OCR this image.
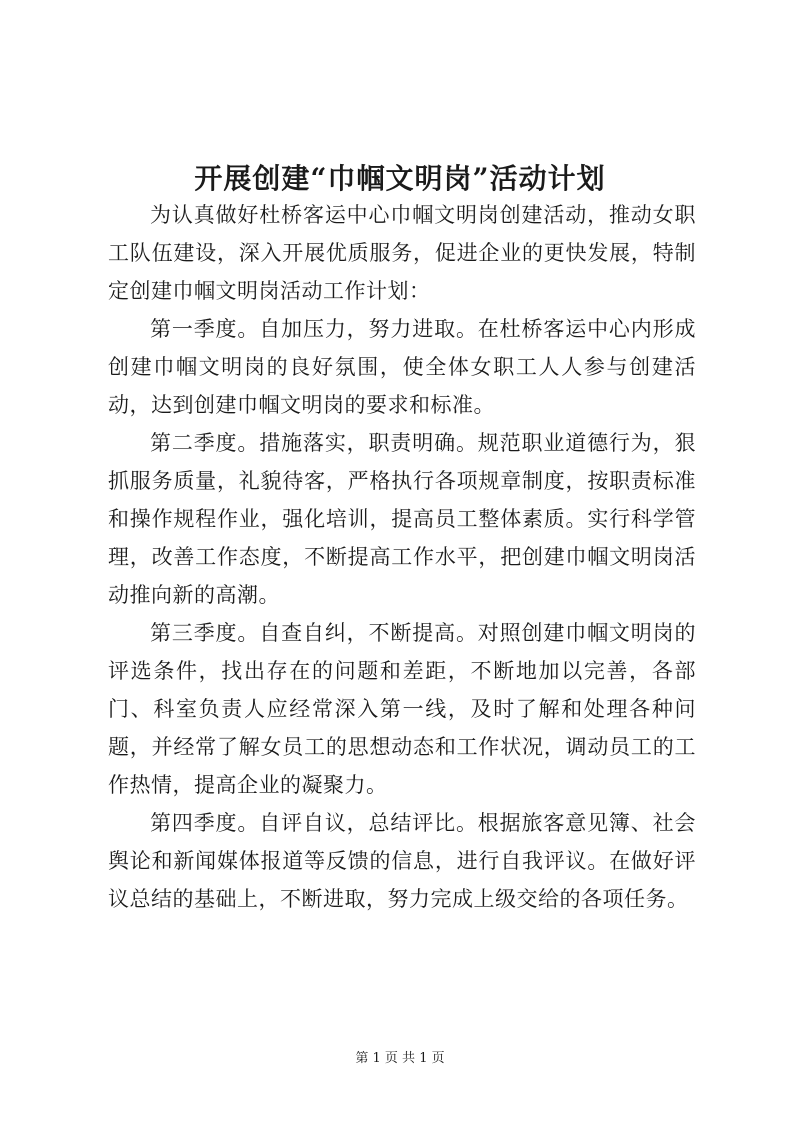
开展创建“巾帼文明岗”活动计划

为认真做好杜桥客运中心巾帼文明岗创建活动，推动女职工队伍建设，深入开展优质服务，促进企业的更快发展，特制定创建巾帼文明岗活动工作计划：

第一季度。自加压力，努力进取。在杜桥客运中心内形成创建巾帼文明岗的良好氛围，使全体女职工人人参与创建活动，达到创建巾帼文明岗的要求和标准。

第二季度。措施落实，职责明确。规范职业道德行为，狠抓服务质量，礼貌待客，严格执行各项规章制度，按职责标准和操作规程作业，强化培训，提高员工整体素质。实行科学管理，改善工作态度，不断提高工作水平，把创建巾帼文明岗活动推向新的高潮。

第三季度。自查自纠，不断提高。对照创建巾帼文明岗的评选条件，找出存在的问题和差距，不断地加以完善，各部门、科室负责人应经常深入第一线，及时了解和处理各种问题，并经常了解女员工的思想动态和工作状况，调动员工的工作热情，提高企业的凝聚力。

第四季度。自评自议，总结评比。根据旅客意见簿、社会舆论和新闻媒体报道等反馈的信息，进行自我评议。在做好评议总结的基础上，不断进取，努力完成上级交给的各项任务。

第 1 页 共 1 页
